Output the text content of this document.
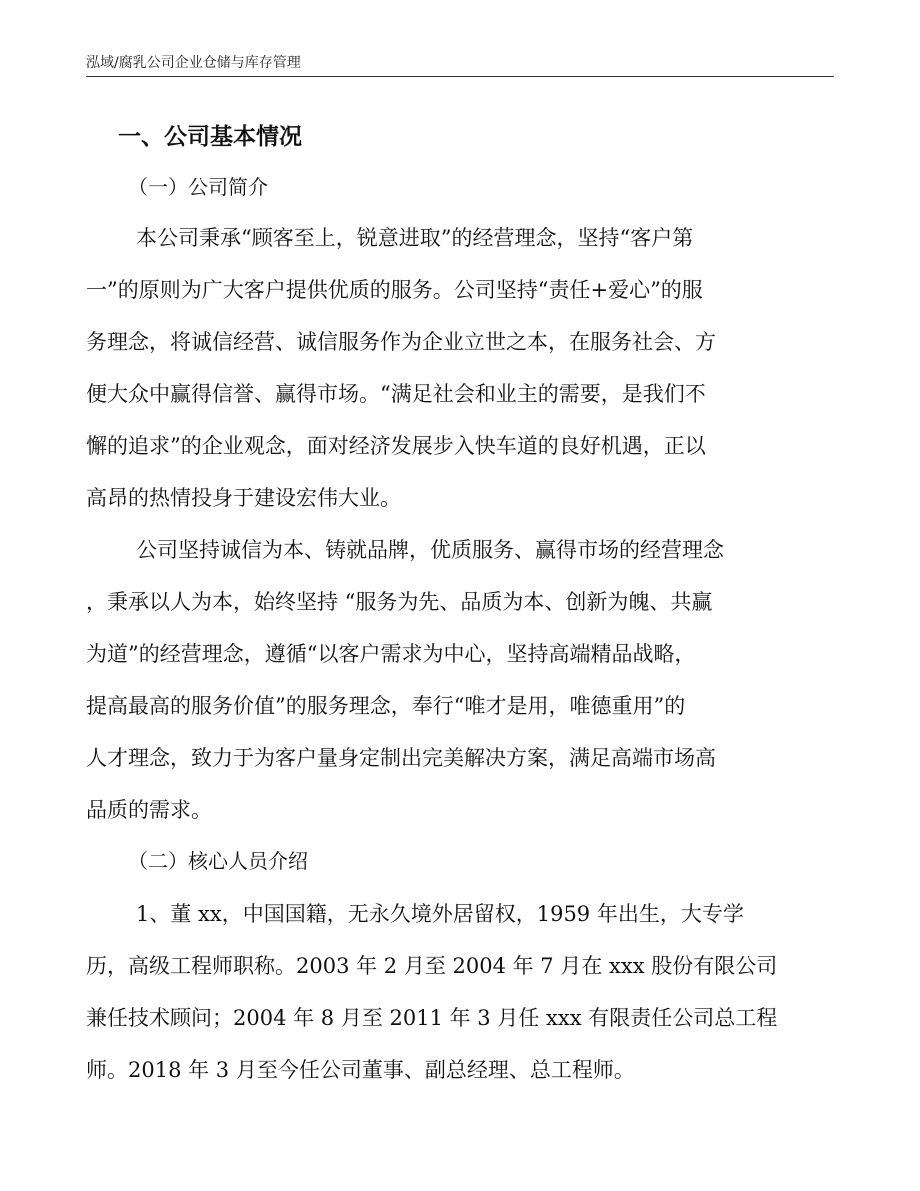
泓域/腐乳公司企业仓储与库存管理
一、公司基本情况
（一）公司简介
本公司秉承“顾客至上，锐意进取”的经营理念，坚持“客户第
一”的原则为广大客户提供优质的服务。公司坚持“责任+爱心”的服
务理念，将诚信经营、诚信服务作为企业立世之本，在服务社会、方
便大众中赢得信誉、赢得市场。“满足社会和业主的需要，是我们不
懈的追求”的企业观念，面对经济发展步入快车道的良好机遇，正以
高昂的热情投身于建设宏伟大业。
公司坚持诚信为本、铸就品牌，优质服务、赢得市场的经营理念
，秉承以人为本，始终坚持 “服务为先、品质为本、创新为魄、共赢
为道”的经营理念，遵循“以客户需求为中心，坚持高端精品战略，
提高最高的服务价值”的服务理念，奉行“唯才是用，唯德重用”的
人才理念，致力于为客户量身定制出完美解决方案，满足高端市场高
品质的需求。
（二）核心人员介绍
1、董 xx，中国国籍，无永久境外居留权，1959 年出生，大专学
历，高级工程师职称。2003 年 2 月至 2004 年 7 月在 xxx 股份有限公司
兼任技术顾问；2004 年 8 月至 2011 年 3 月任 xxx 有限责任公司总工程
师。2018 年 3 月至今任公司董事、副总经理、总工程师。
